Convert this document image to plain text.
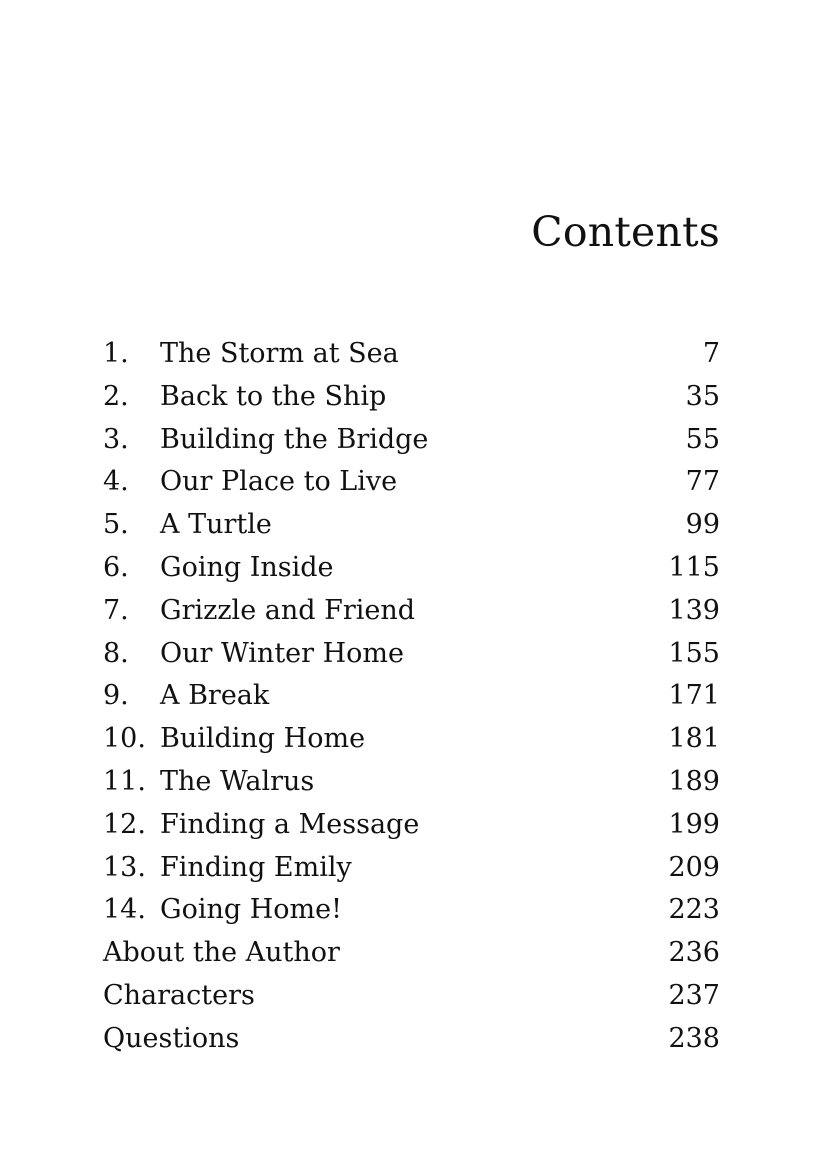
Contents
1. The Storm at Sea	7
2. Back to the Ship	35
3. Building the Bridge	55
4. Our Place to Live	77
5. A Turtle	99
6. Going Inside	115
7. Grizzle and Friend	139
8. Our Winter Home	155
9. A Break	171
10. Building Home	181
11. The Walrus	189
12. Finding a Message	199
13. Finding Emily	209
14. Going Home!	223
About the Author	236
Characters	237
Questions	238
